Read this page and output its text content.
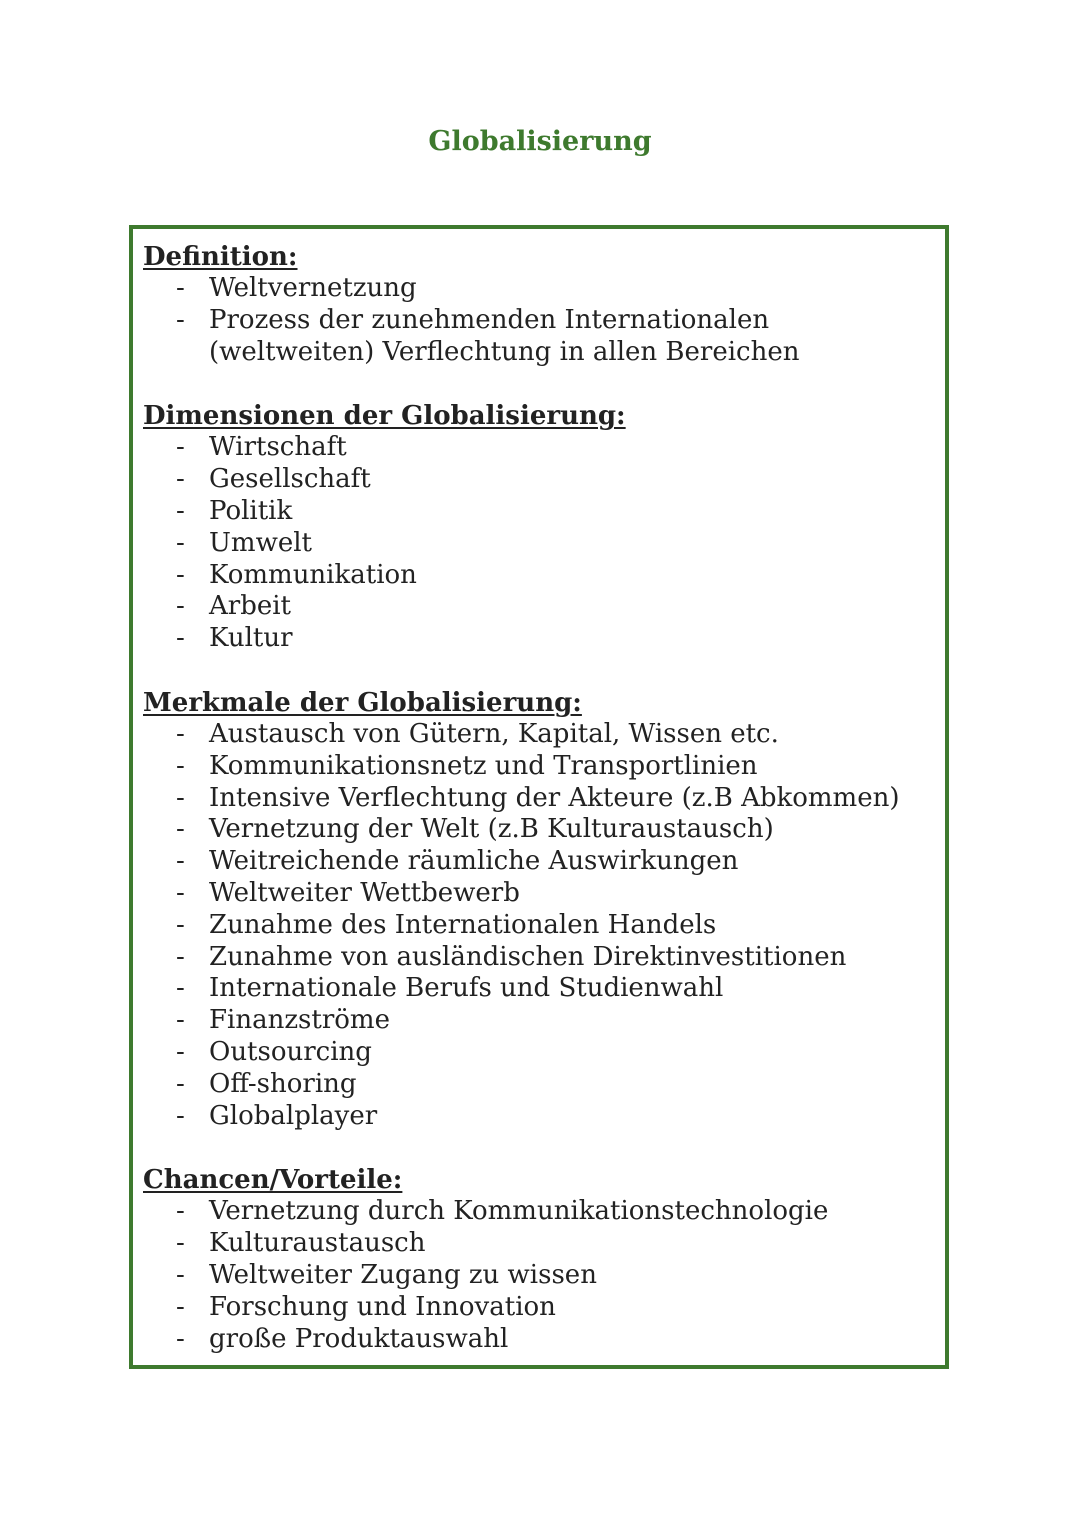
Globalisierung

Definition:

- Weltvernetzung
- Prozess der zunehmenden Internationalen (weltweiten) Verflechtung in allen Bereichen

Dimensionen der Globalisierung:

- Wirtschaft
- Gesellschaft
- Politik
- Umwelt
- Kommunikation
- Arbeit
- Kultur

Merkmale der Globalisierung:

- Austausch von Gütern, Kapital, Wissen etc.
- Kommunikationsnetz und Transportlinien
- Intensive Verflechtung der Akteure (z.B Abkommen)
- Vernetzung der Welt (z.B Kulturaustausch)
- Weitreichende räumliche Auswirkungen
- Weltweiter Wettbewerb
- Zunahme des Internationalen Handels
- Zunahme von ausländischen Direktinvestitionen
- Internationale Berufs und Studienwahl
- Finanzströme
- Outsourcing
- Off-shoring
- Globalplayer

Chancen/Vorteile:

- Vernetzung durch Kommunikationstechnologie
- Kulturaustausch
- Weltweiter Zugang zu wissen
- Forschung und Innovation
- große Produktauswahl
